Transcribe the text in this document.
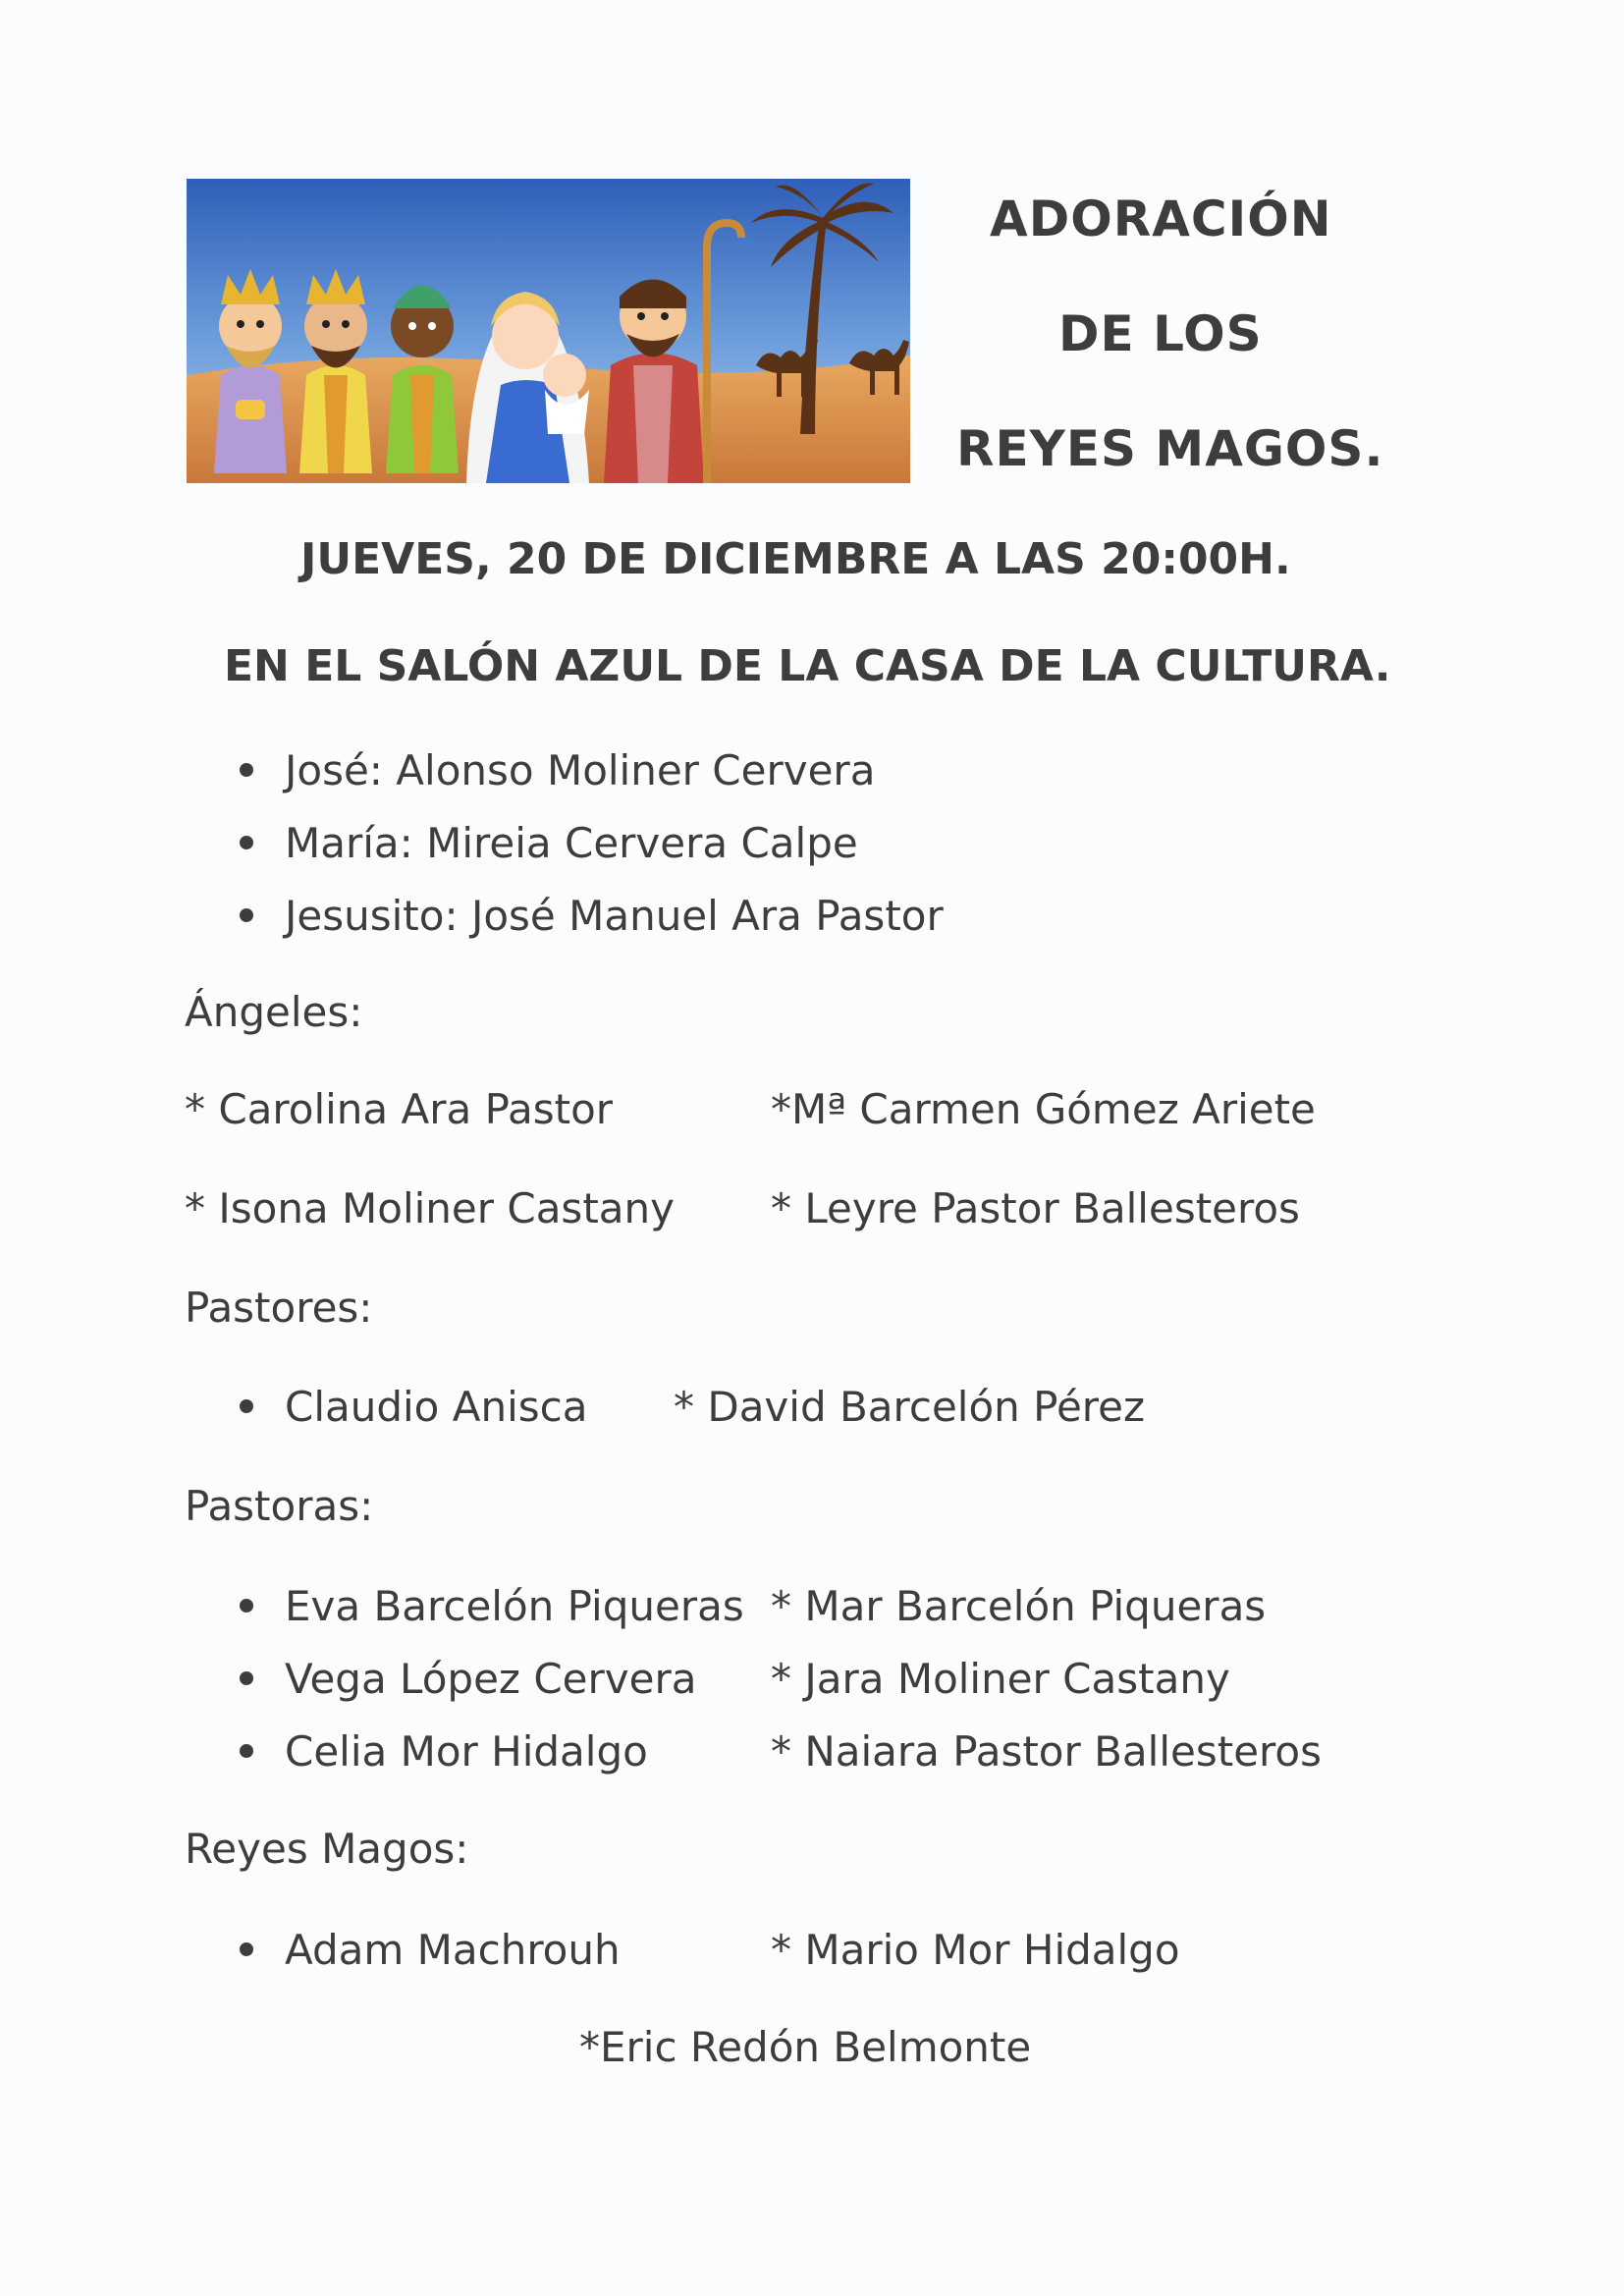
ADORACIÓN
DE LOS
REYES MAGOS.
JUEVES, 20 DE DICIEMBRE A LAS 20:00H.
EN EL SALÓN AZUL DE LA CASA DE LA CULTURA.
José: Alonso Moliner Cervera
María: Mireia Cervera Calpe
Jesusito: José Manuel Ara Pastor
Ángeles:
* Carolina Ara Pastor	*Mª Carmen Gómez Ariete
* Isona Moliner Castany * Leyre Pastor Ballesteros
Pastores:
Claudio Anisca * David Barcelón Pérez
Pastoras:
Eva Barcelón Piqueras * Mar Barcelón Piqueras
Vega López Cervera * Jara Moliner Castany
Celia Mor Hidalgo	* Naiara Pastor Ballesteros
Reyes Magos:
Adam Machrouh	* Mario Mor Hidalgo
*Eric Redón Belmonte
